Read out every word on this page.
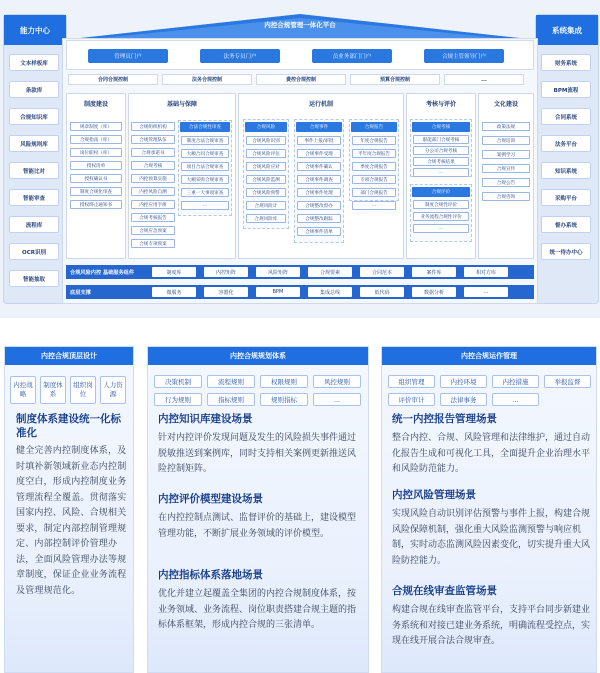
内控合规管理一体化平台
能力中心	系统集成
制度建设	基础与保障	运行机制	考核与评价	文化建设
合规风险内控 基础服务组件
底层支撑
内控合规顶层设计	内控合规规划体系	内控合规运作管理
文本样板库
条款库
合规知识库
风险规则库
智能比对
智能审查
流程库
OCR识别
智能抽取
财务系统
BPM流程
合同系统
法务平台
知识系统
采购平台
督办系统
统一待办中心
管理员门户	法务专员门户	员业务部门门户	合规主管领导门户
合同合规控制	法务合规控制	费控合规控制	预算合规控制	...
规章制度（库）
合规指南（库）
岗位职权（库）
授权清单
授权确认书
制度合规化审查
授权终止通知书
合规组织机构
合规管理队伍
合规承诺书
合规考核
内控预算实施
内控风险自测
内控应用手册
合规考核报告
合规应急预案
合规专项预案
合法合规性审查
制度合法合规审查
大额合同合规审查
项目合法合规审查
大额采购合规审查
三重一大事项审查
...
合规风险
合规风险识别
合规风险评估
合规风险应对
合规风险监测
合规风险预警
合规风险计
合规风险库
合规事件
事件上报/审批
合规事件受理
合规事件确认
合规事件调查
合规事件处理
合规整改督办
合规整改跟踪
合规事件清单
合规报告
年度合规报告
半年度合规报告
季度合规报告
专项合规报告
部门合规报告
...
合规考核
职能部门合规考核
分公司合规考核
合规考核结果
...
合规评价
制度合规性评价
业务流程合规性评价
...
政策法规
合规培训
案例学习
合规宣传
合规公告
合规咨询
制度库	内控矩阵	风险矩阵	合规要素	合同范本	案件库	相对方库
微服务	容器化	BPM	集成总线	低代码	数据分析	...
内控战略
制度体系
组织岗位
人力资源
制度体系建设统一化标准化
健全完善内控制度体系，及时填补新领域新业态内控制度空白，形成内控制度业务管理流程全覆盖。贯彻落实国家内控、风险、合规相关要求，制定内部控制管理规定、内部控制评价管理办法，全面风险管理办法等规章制度，保证企业业务流程及管理规范化。
决策机制	流程规则	权限规则	风控规则
行为规则	指标规则	规则指标	...
内控知识库建设场景
针对内控评价发现问题及发生的风险损失事件通过脱敏推送到案例库，同时支持相关案例更新推送风险控制矩阵。
内控评价模型建设场景
在内控控制点测试、监督评价的基础上，建设模型管理功能，不断扩展业务领域的评价模型。
内控指标体系落地场景
优化并建立起覆盖全集团的内控合规制度体系，按业务领域、业务流程、岗位职责搭建合规主题的指标体系框架，形成内控合规的三张清单。
组织管理	内控环境	内控措施	举报监督
评价审计	法律事务	...
统一内控报告管理场景
整合内控、合规、风险管理和法律维护，通过自动化报告生成和可视化工具，全面提升企业治理水平和风险防范能力。
内控风险管理场景
实现风险自动识别评估预警与事件上报，构建合规风险保障机制，强化重大风险监测预警与响应机制，实时动态监测风险因素变化，切实提升重大风险防控能力。
合规在线审查监管场景
构建合规在线审查监管平台，支持平台同步新建业务系统和对接已建业务系统，明确流程受控点，实现在线开展合法合规审查。
